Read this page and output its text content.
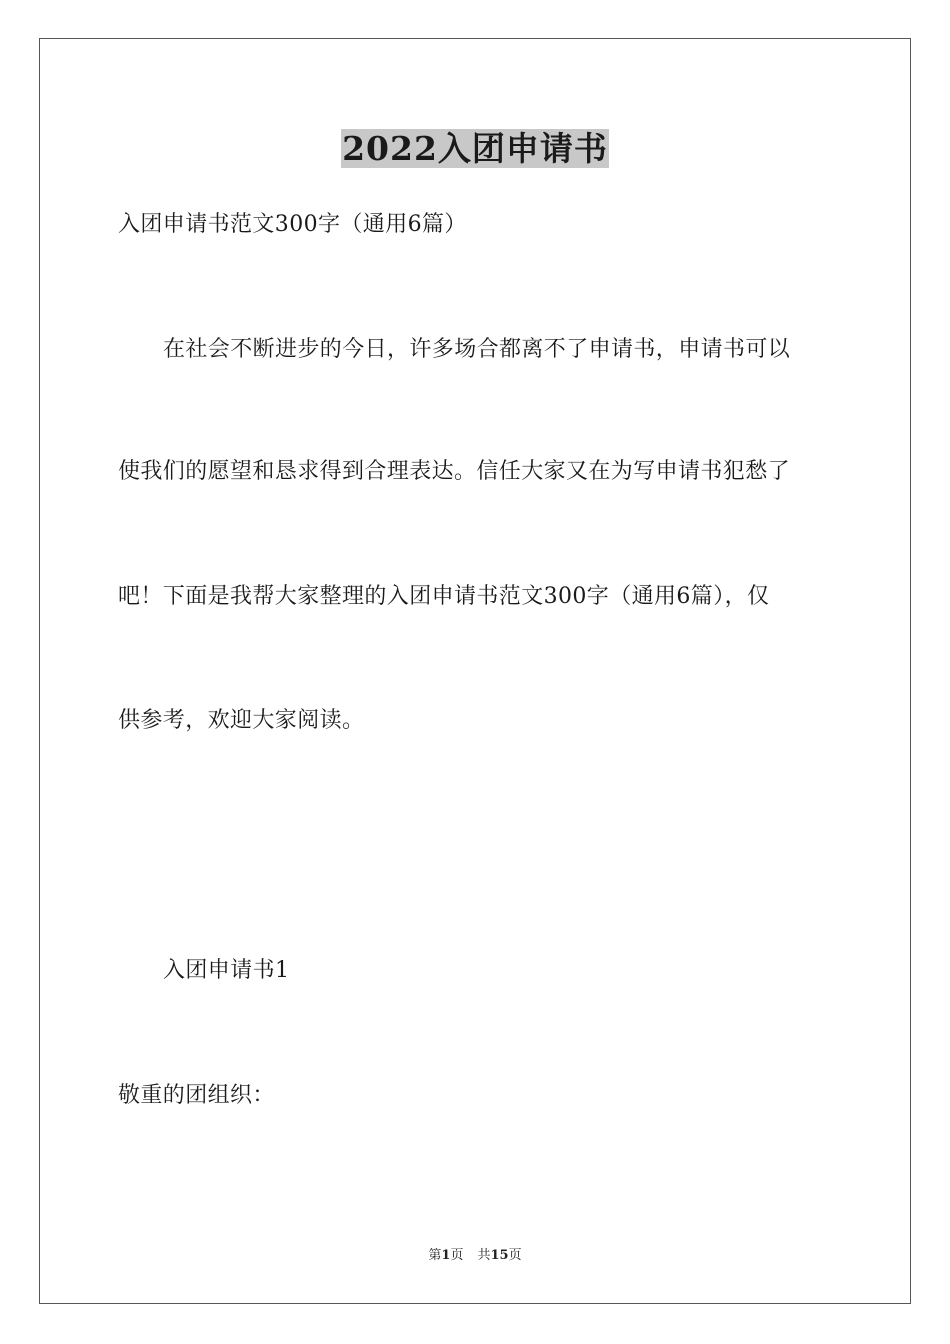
2022入团申请书
入团申请书范文300字（通用6篇）
在社会不断进步的今日，许多场合都离不了申请书，申请书可以
使我们的愿望和恳求得到合理表达。信任大家又在为写申请书犯愁了
吧！下面是我帮大家整理的入团申请书范文300字（通用6篇），仅
供参考，欢迎大家阅读。
入团申请书1
敬重的团组织：
第1页 共15页
